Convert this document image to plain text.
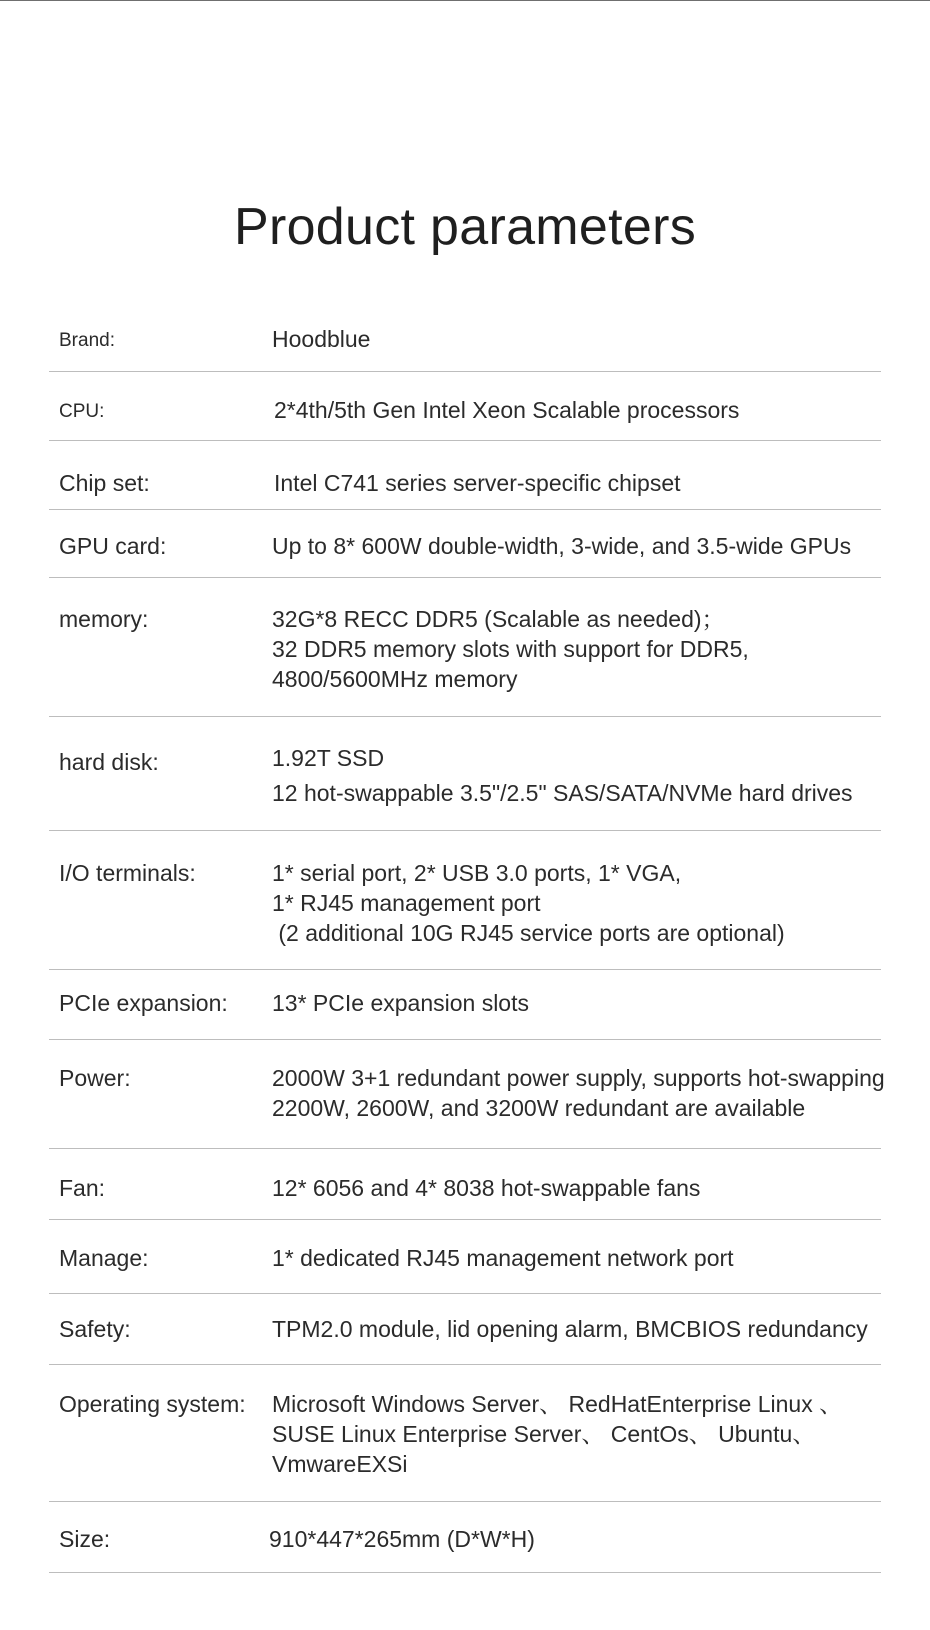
Product parameters
Brand:	Hoodblue
CPU:	2*4th/5th Gen Intel Xeon Scalable processors
Chip set:	Intel C741 series server-specific chipset
GPU card:	Up to 8* 600W double-width, 3-wide, and 3.5-wide GPUs
memory:	32G*8 RECC DDR5 (Scalable as needed)；
32 DDR5 memory slots with support for DDR5,
4800/5600MHz memory
hard disk:	1.92T SSD
12 hot-swappable 3.5"/2.5" SAS/SATA/NVMe hard drives
I/O terminals:	1* serial port, 2* USB 3.0 ports, 1* VGA,
1* RJ45 management port
(2 additional 10G RJ45 service ports are optional)
PCIe expansion: 13* PCIe expansion slots
Power:	2000W 3+1 redundant power supply, supports hot-swapping
2200W, 2600W, and 3200W redundant are available
Fan:	12* 6056 and 4* 8038 hot-swappable fans
Manage:	1* dedicated RJ45 management network port
Safety:	TPM2.0 module, lid opening alarm, BMCBIOS redundancy
Operating system: Microsoft Windows Server、 RedHatEnterprise Linux 、
SUSE Linux Enterprise Server、 CentOs、 Ubuntu、
VmwareEXSi
Size:	910*447*265mm (D*W*H)
